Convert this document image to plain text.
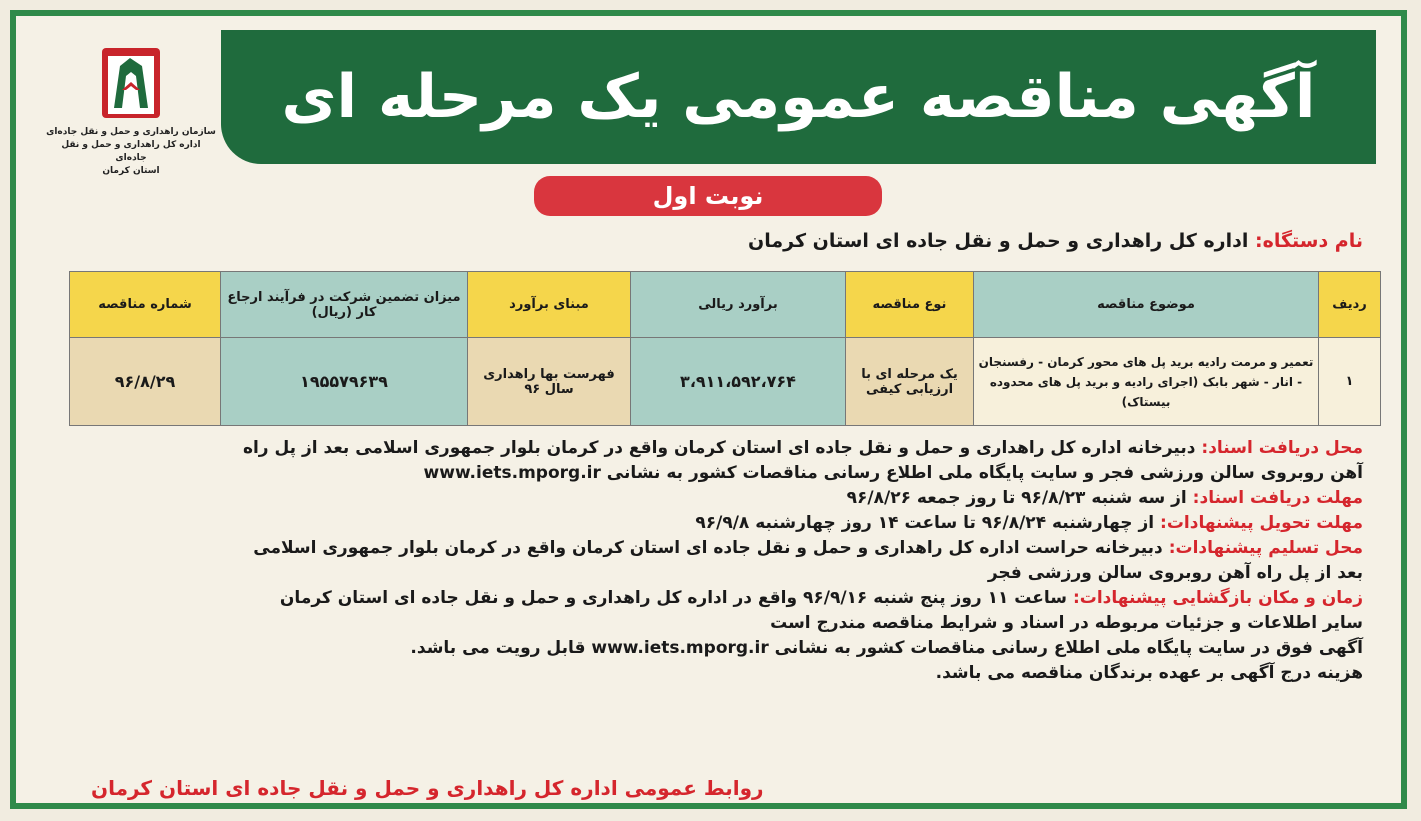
آگهی مناقصه عمومی یک مرحله ای
سازمان راهداری و حمل و نقل جاده‌ای
اداره کل راهداری و حمل و نقل جاده‌ای
استان کرمان
نوبت اول
نام دستگاه: اداره کل راهداری و حمل و نقل جاده ای استان کرمان
ردیف	موضوع مناقصه	نوع مناقصه	برآورد ریالی	مبنای برآورد	میزان تضمین شرکت در فرآیند ارجاع کار (ریال)	شماره مناقصه
۱	تعمیر و مرمت رادیه برید پل های محور کرمان - رفسنجان - انار - شهر بابک (اجرای رادیه و برید پل های محدوده بیستاک)	یک مرحله ای با ارزیابی کیفی	۳،۹۱۱،۵۹۲،۷۶۴	فهرست بها راهداری سال ۹۶	۱۹۵۵۷۹۶۳۹	۹۶/۸/۲۹

محل دریافت اسناد: دبیرخانه اداره کل راهداری و حمل و نقل جاده ای استان کرمان واقع در کرمان بلوار جمهوری اسلامی بعد از پل راه

آهن روبروی سالن ورزشی فجر و سایت پایگاه ملی اطلاع رسانی مناقصات کشور به نشانی www.iets.mporg.ir

مهلت دریافت اسناد: از سه شنبه ۹۶/۸/۲۳ تا روز جمعه ۹۶/۸/۲۶

مهلت تحویل پیشنهادات: از چهارشنبه ۹۶/۸/۲۴ تا ساعت ۱۴ روز چهارشنبه ۹۶/۹/۸

محل تسلیم پیشنهادات: دبیرخانه حراست اداره کل راهداری و حمل و نقل جاده ای استان کرمان واقع در کرمان بلوار جمهوری اسلامی

بعد از پل راه آهن روبروی سالن ورزشی فجر

زمان و مکان بازگشایی پیشنهادات: ساعت ۱۱ روز پنج شنبه ۹۶/۹/۱۶ واقع در اداره کل راهداری و حمل و نقل جاده ای استان کرمان

سایر اطلاعات و جزئیات مربوطه در اسناد و شرایط مناقصه مندرج است

آگهی فوق در سایت پایگاه ملی اطلاع رسانی مناقصات کشور به نشانی www.iets.mporg.ir قابل رویت می باشد.

هزینه درج آگهی بر عهده برندگان مناقصه می باشد.

روابط عمومی اداره کل راهداری و حمل و نقل جاده ای استان کرمان
